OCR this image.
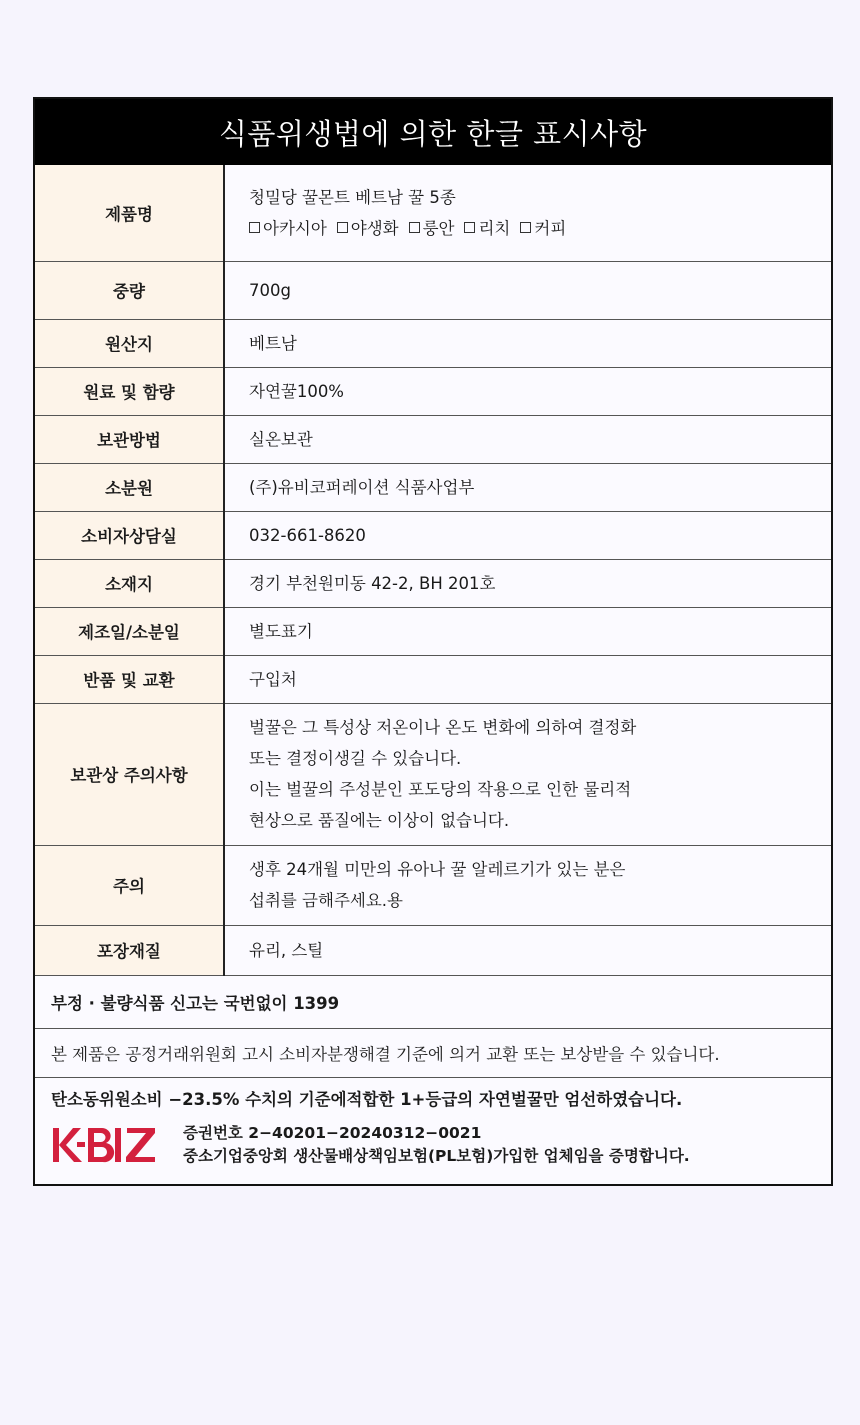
식품위생법에 의한 한글 표시사항
제품명	청밀당 꿀몬트 베트남 꿀 5종
아카시아 야생화 룽안 리치 커피

중량	700g

원산지	베트남

원료 및 함량	자연꿀100%

보관방법	실온보관

소분원	(주)유비코퍼레이션 식품사업부

소비자상담실	032-661-8620

소재지	경기 부천원미동 42-2, BH 201호

제조일/소분일	별도표기

반품 및 교환	구입처

보관상 주의사항	벌꿀은 그 특성상 저온이나 온도 변화에 의하여 결정화
또는 결정이생길 수 있습니다.
이는 벌꿀의 주성분인 포도당의 작용으로 인한 물리적
현상으로 품질에는 이상이 없습니다.

주의	생후 24개월 미만의 유아나 꿀 알레르기가 있는 분은
섭취를 금해주세요.용

포장재질	유리, 스틸
부정 · 불량식품 신고는 국번없이 1399
본 제품은 공정거래위원회 고시 소비자분쟁해결 기준에 의거 교환 또는 보상받을 수 있습니다.
탄소동위원소비 −23.5% 수치의 기준에적합한 1+등급의 자연벌꿀만 엄선하였습니다.
증권번호 2−40201−20240312−0021
중소기업중앙회 생산물배상책임보험(PL보험)가입한 업체임을 증명합니다.
